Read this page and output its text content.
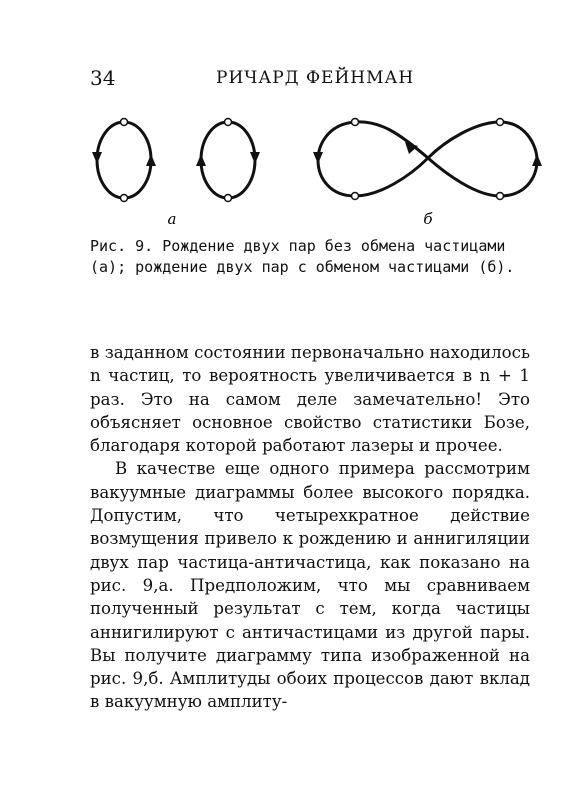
34	РИЧАРД ФЕЙНМАН
а	б
Рис. 9. Рождение двух пар без обмена частицами (а); рождение двух пар с обменом частицами (б).

в заданном состоянии первоначально находилось n частиц, то вероятность увеличивается в n + 1 раз. Это на самом деле замечательно! Это объясняет основное свойство статистики Бозе, благодаря которой работают лазеры и прочее.

В качестве еще одного примера рассмотрим вакуумные диаграммы более высокого порядка. Допустим, что четырехкратное действие возмущения привело к рождению и аннигиляции двух пар частица-античастица, как показано на рис. 9,а. Предположим, что мы сравниваем полученный результат с тем, когда частицы аннигилируют с античастицами из другой пары. Вы получите диаграмму типа изображенной на рис. 9,б. Амплитуды обоих процессов дают вклад в вакуумную амплиту-
